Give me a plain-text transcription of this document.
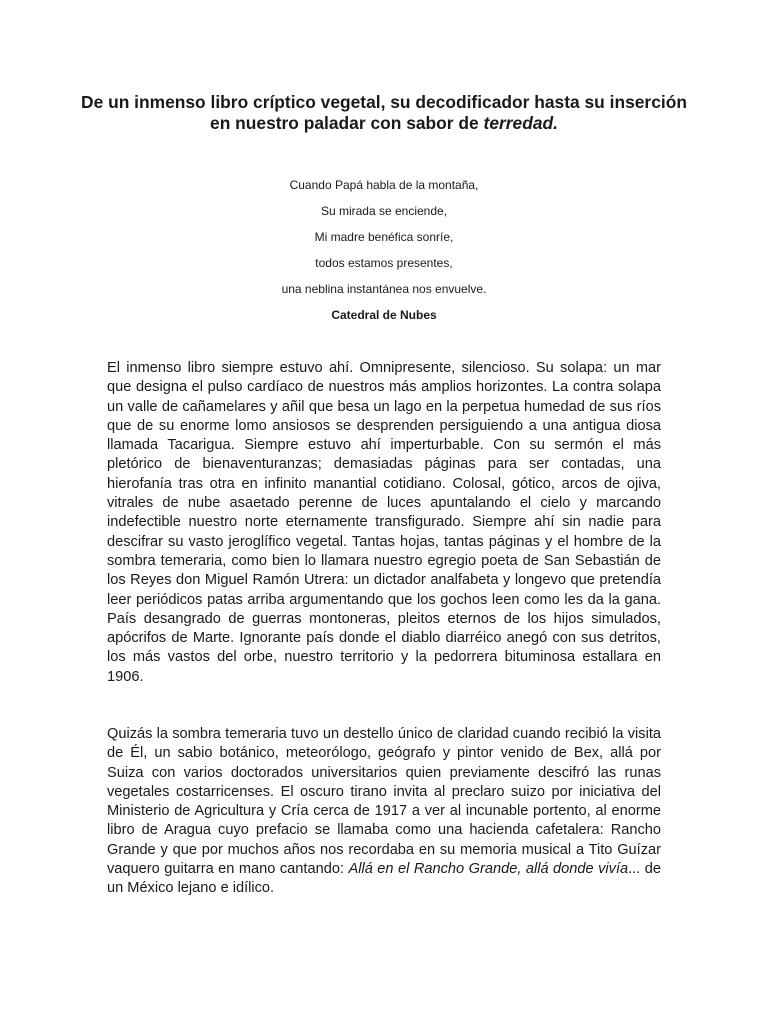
De un inmenso libro críptico vegetal, su decodificador hasta su inserción en nuestro paladar con sabor de terredad.
Cuando Papá habla de la montaña,
Su mirada se enciende,
Mi madre benéfica sonríe,
todos estamos presentes,
una neblina instantánea nos envuelve.
Catedral de Nubes

El inmenso libro siempre estuvo ahí. Omnipresente, silencioso. Su solapa: un mar que designa el pulso cardíaco de nuestros más amplios horizontes. La contra solapa un valle de cañamelares y añil que besa un lago en la perpetua humedad de sus ríos que de su enorme lomo ansiosos se desprenden persiguiendo a una antigua diosa llamada Tacarigua. Siempre estuvo ahí imperturbable. Con su sermón el más pletórico de bienaventuranzas; demasiadas páginas para ser contadas, una hierofanía tras otra en infinito manantial cotidiano. Colosal, gótico, arcos de ojiva, vitrales de nube asaetado perenne de luces apuntalando el cielo y marcando indefectible nuestro norte eternamente transfigurado. Siempre ahí sin nadie para descifrar su vasto jeroglífico vegetal. Tantas hojas, tantas páginas y el hombre de la sombra temeraria, como bien lo llamara nuestro egregio poeta de San Sebastián de los Reyes don Miguel Ramón Utrera: un dictador analfabeta y longevo que pretendía leer periódicos patas arriba argumentando que los gochos leen como les da la gana. País desangrado de guerras montoneras, pleitos eternos de los hijos simulados, apócrifos de Marte. Ignorante país donde el diablo diarréico anegó con sus detritos, los más vastos del orbe, nuestro territorio y la pedorrera bituminosa estallara en 1906.

Quizás la sombra temeraria tuvo un destello único de claridad cuando recibió la visita de Él, un sabio botánico, meteorólogo, geógrafo y pintor venido de Bex, allá por Suiza con varios doctorados universitarios quien previamente descifró las runas vegetales costarricenses. El oscuro tirano invita al preclaro suizo por iniciativa del Ministerio de Agricultura y Cría cerca de 1917 a ver al incunable portento, al enorme libro de Aragua cuyo prefacio se llamaba como una hacienda cafetalera: Rancho Grande y que por muchos años nos recordaba en su memoria musical a Tito Guízar vaquero guitarra en mano cantando: Allá en el Rancho Grande, allá donde vivía... de un México lejano e idílico.
